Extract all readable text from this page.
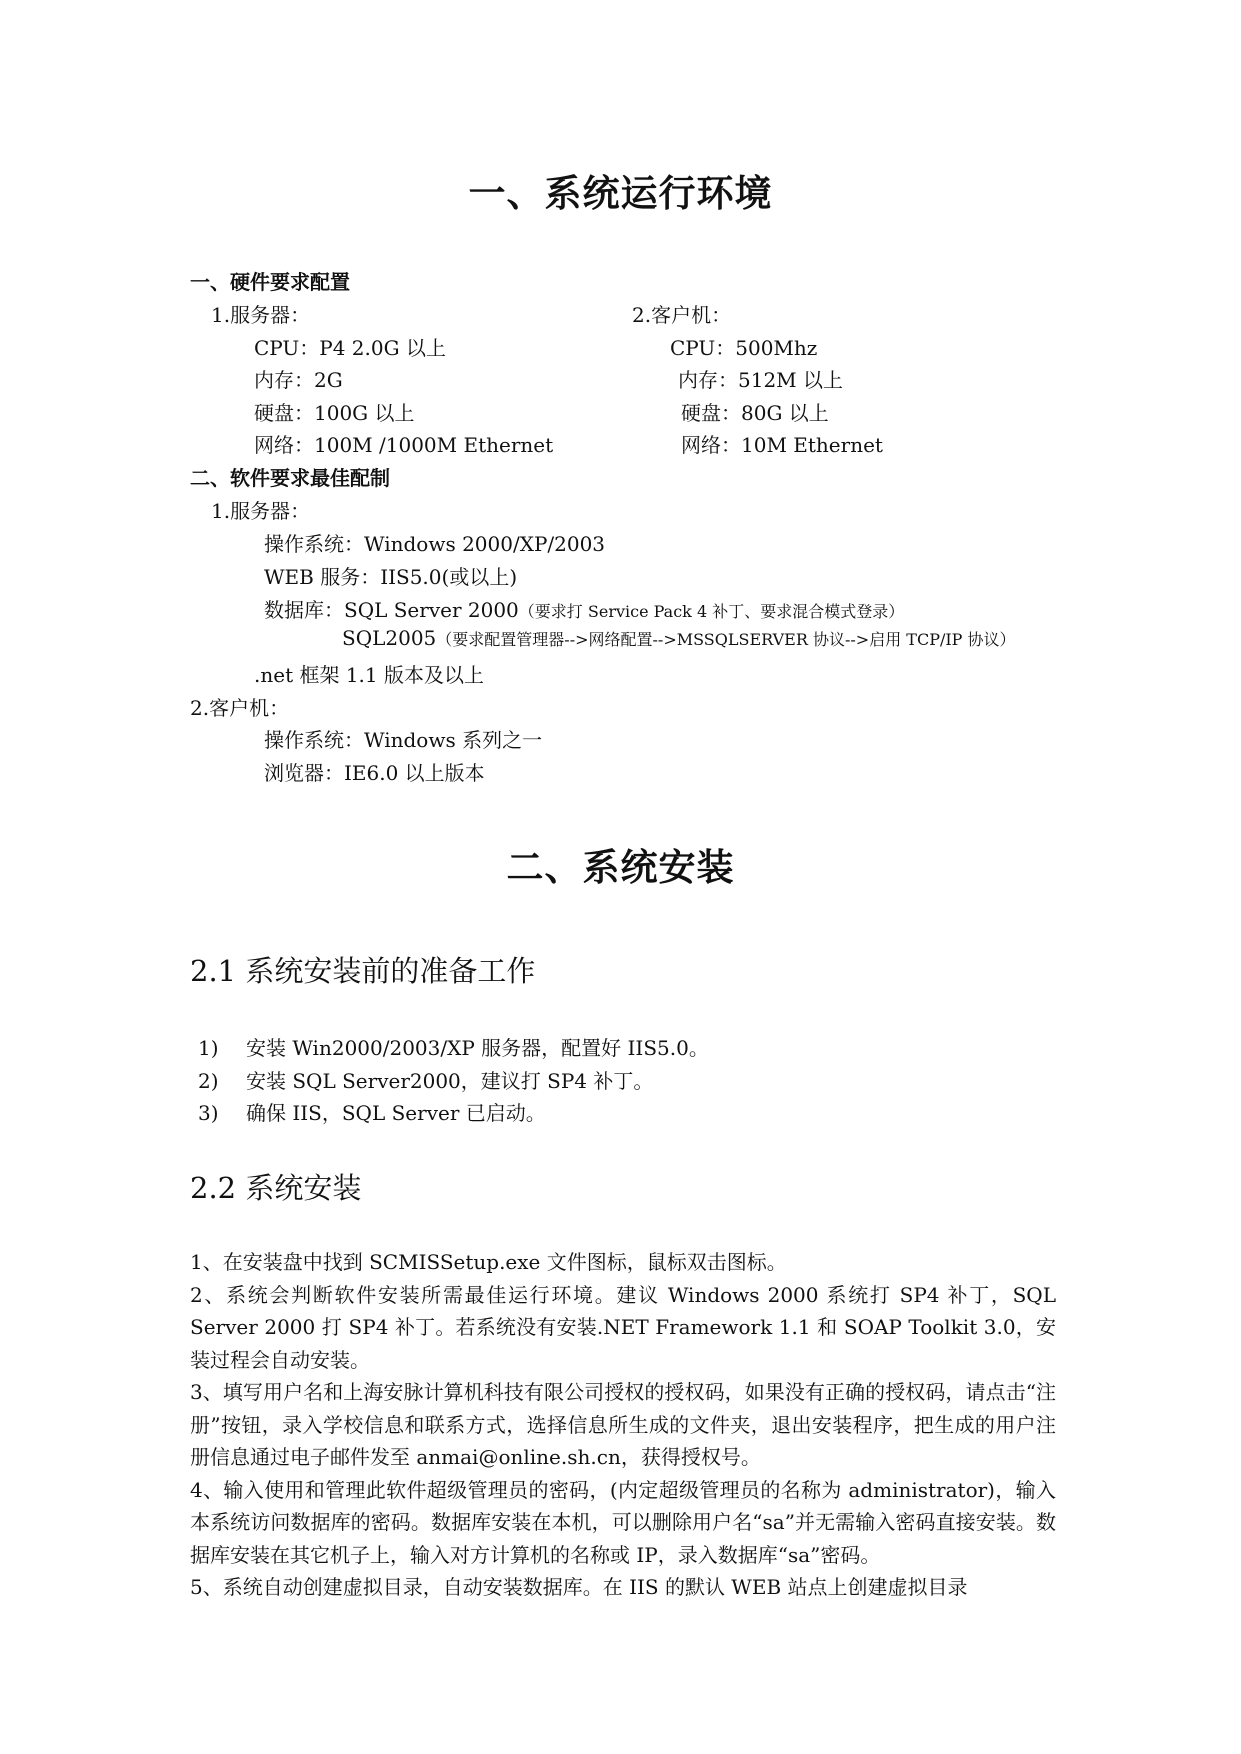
一、系统运行环境
一、硬件要求配置
1.服务器：	2.客户机：
CPU：P4 2.0G 以上
内存：2G
硬盘：100G 以上
网络：100M /1000M Ethernet
CPU：500Mhz
内存：512M 以上
硬盘：80G 以上
网络：10M Ethernet
二、软件要求最佳配制
1.服务器：
操作系统：Windows 2000/XP/2003
WEB 服务：IIS5.0(或以上)
数据库：SQL Server 2000（要求打 Service Pack 4 补丁、要求混合模式登录）
SQL2005（要求配置管理器-->网络配置-->MSSQLSERVER 协议-->启用 TCP/IP 协议）
.net 框架 1.1 版本及以上
2.客户机：
操作系统：Windows 系列之一
浏览器：IE6.0 以上版本
二、系统安装
2.1 系统安装前的准备工作
1) 安装 Win2000/2003/XP 服务器，配置好 IIS5.0。
2) 安装 SQL Server2000，建议打 SP4 补丁。
3) 确保 IIS，SQL Server 已启动。
2.2 系统安装

1、在安装盘中找到 SCMISSetup.exe 文件图标，鼠标双击图标。

2、系统会判断软件安装所需最佳运行环境。建议 Windows 2000 系统打 SP4 补丁，SQL Server 2000 打 SP4 补丁。若系统没有安装.NET Framework 1.1 和 SOAP Toolkit 3.0，安装过程会自动安装。

3、填写用户名和上海安脉计算机科技有限公司授权的授权码，如果没有正确的授权码，请点击“注册”按钮，录入学校信息和联系方式，选择信息所生成的文件夹，退出安装程序，把生成的用户注册信息通过电子邮件发至 anmai@online.sh.cn，获得授权号。

4、输入使用和管理此软件超级管理员的密码，(内定超级管理员的名称为 administrator)，输入本系统访问数据库的密码。数据库安装在本机，可以删除用户名“sa”并无需输入密码直接安装。数据库安装在其它机子上，输入对方计算机的名称或 IP，录入数据库“sa”密码。

5、系统自动创建虚拟目录，自动安装数据库。在 IIS 的默认 WEB 站点上创建虚拟目录
